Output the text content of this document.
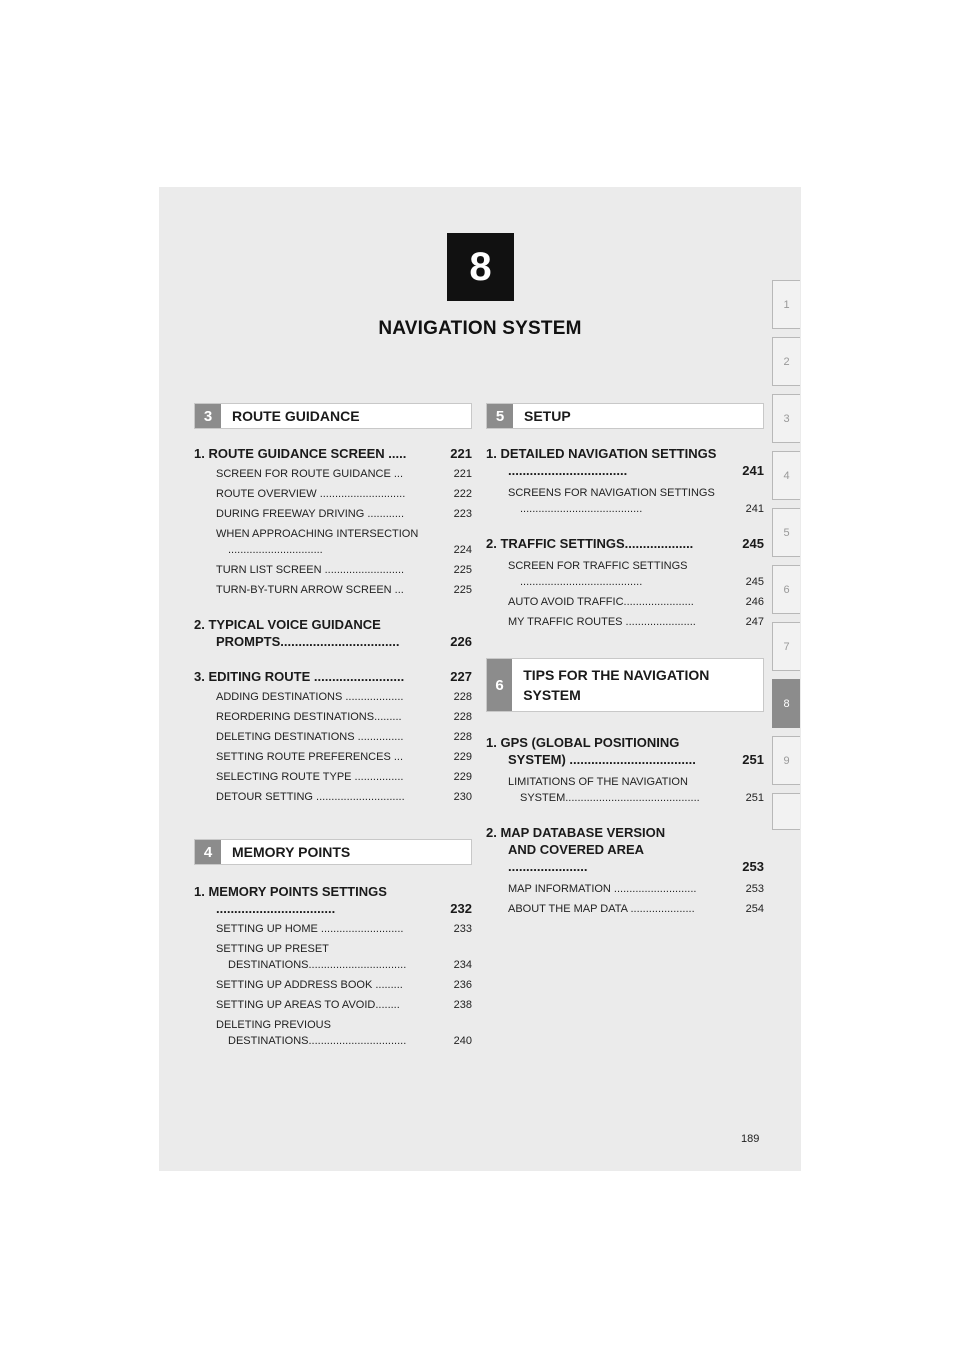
8
NAVIGATION SYSTEM
1
2
3
4
5
6
7
8
9
3	ROUTE GUIDANCE
1. ROUTE GUIDANCE SCREEN .....	221
SCREEN FOR ROUTE GUIDANCE ...	221
ROUTE OVERVIEW ............................	222
DURING FREEWAY DRIVING ............	223
WHEN APPROACHING INTERSECTION ...............................	224
TURN LIST SCREEN ..........................	225
TURN-BY-TURN ARROW SCREEN ...	225
2. TYPICAL VOICE GUIDANCE PROMPTS.................................	226
3. EDITING ROUTE .........................	227
ADDING DESTINATIONS ...................	228
REORDERING DESTINATIONS.........	228
DELETING DESTINATIONS ...............	228
SETTING ROUTE PREFERENCES ...	229
SELECTING ROUTE TYPE ................	229
DETOUR SETTING .............................	230
4	MEMORY POINTS
1. MEMORY POINTS SETTINGS .................................	232
SETTING UP HOME ...........................	233
SETTING UP PRESET DESTINATIONS................................	234
SETTING UP ADDRESS BOOK .........	236
SETTING UP AREAS TO AVOID........	238
DELETING PREVIOUS DESTINATIONS................................	240
5	SETUP
1. DETAILED NAVIGATION SETTINGS .................................	241
SCREENS FOR NAVIGATION SETTINGS ........................................	241
2. TRAFFIC SETTINGS...................	245
SCREEN FOR TRAFFIC SETTINGS ........................................	245
AUTO AVOID TRAFFIC.......................	246
MY TRAFFIC ROUTES .......................	247
6
TIPS FOR THE NAVIGATION SYSTEM
1. GPS (GLOBAL POSITIONING SYSTEM) ...................................	251
LIMITATIONS OF THE NAVIGATION SYSTEM............................................	251
2. MAP DATABASE VERSION AND COVERED AREA ......................	253
MAP INFORMATION ...........................	253
ABOUT THE MAP DATA .....................	254
189
